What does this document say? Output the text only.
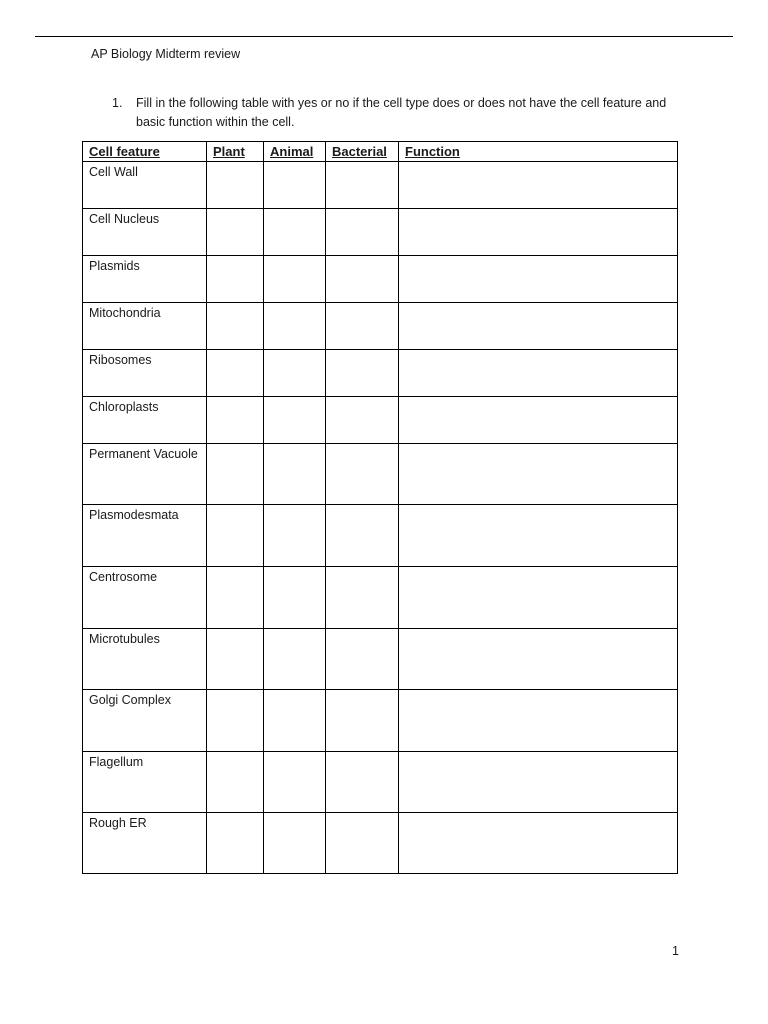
AP Biology Midterm review
1. Fill in the following table with yes or no if the cell type does or does not have the cell feature and basic function within the cell.
Cell feature	Plant	Animal	Bacterial	Function
Cell Wall				
Cell Nucleus				
Plasmids				
Mitochondria				
Ribosomes				
Chloroplasts				
Permanent Vacuole				
Plasmodesmata				
Centrosome				
Microtubules				
Golgi Complex				
Flagellum				
Rough ER				
1
